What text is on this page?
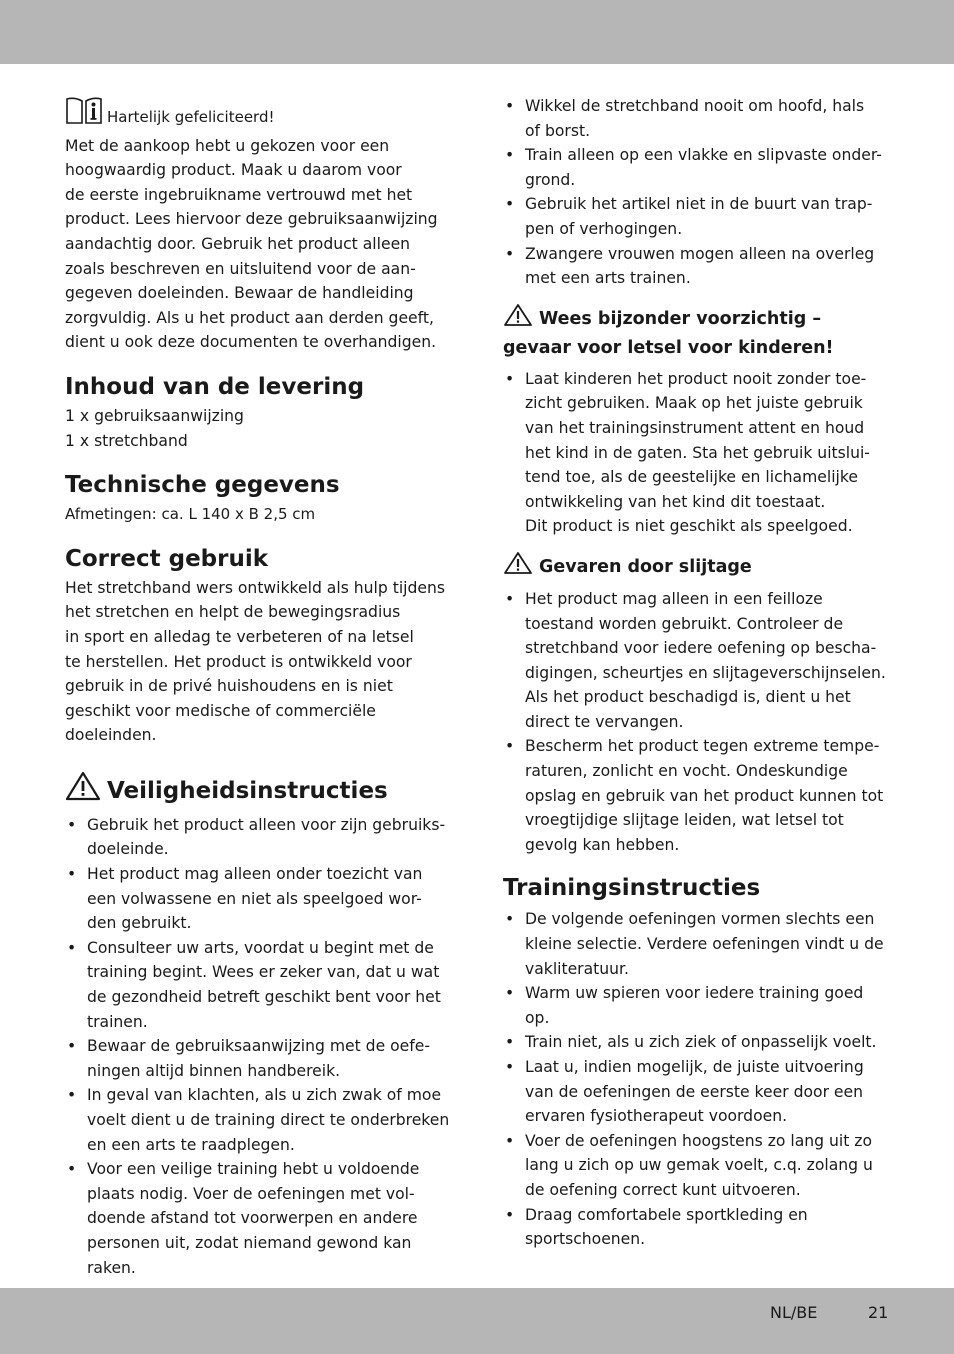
Hartelijk gefeliciteerd!

Met de aankoop hebt u gekozen voor een
hoogwaardig product. Maak u daarom voor
de eerste ingebruikname vertrouwd met het
product. Lees hiervoor deze gebruiksaanwijzing
aandachtig door. Gebruik het product alleen
zoals beschreven en uitsluitend voor de aan-
gegeven doeleinden. Bewaar de handleiding
zorgvuldig. Als u het product aan derden geeft,
dient u ook deze documenten te overhandigen.

Inhoud van de levering

1 x gebruiksaanwijzing
1 x stretchband

Technische gegevens

Afmetingen: ca. L 140 x B 2,5 cm

Correct gebruik

Het stretchband wers ontwikkeld als hulp tijdens
het stretchen en helpt de bewegingsradius
in sport en alledag te verbeteren of na letsel
te herstellen. Het product is ontwikkeld voor
gebruik in de privé huishoudens en is niet
geschikt voor medische of commerciële
doeleinden.

Veiligheidsinstructies
• Gebruik het product alleen voor zijn gebruiks-
doeleinde.
• Het product mag alleen onder toezicht van
een volwassene en niet als speelgoed wor-
den gebruikt.
• Consulteer uw arts, voordat u begint met de
training begint. Wees er zeker van, dat u wat
de gezondheid betreft geschikt bent voor het
trainen.
• Bewaar de gebruiksaanwijzing met de oefe-
ningen altijd binnen handbereik.
• In geval van klachten, als u zich zwak of moe
voelt dient u de training direct te onderbreken
en een arts te raadplegen.
• Voor een veilige training hebt u voldoende
plaats nodig. Voer de oefeningen met vol-
doende afstand tot voorwerpen en andere
personen uit, zodat niemand gewond kan
raken.
• Wikkel de stretchband nooit om hoofd, hals
of borst.
• Train alleen op een vlakke en slipvaste onder-
grond.
• Gebruik het artikel niet in de buurt van trap-
pen of verhogingen.
• Zwangere vrouwen mogen alleen na overleg
met een arts trainen.
Wees bijzonder voorzichtig –
gevaar voor letsel voor kinderen!
• Laat kinderen het product nooit zonder toe-
zicht gebruiken. Maak op het juiste gebruik
van het trainingsinstrument attent en houd
het kind in de gaten. Sta het gebruik uitslui-
tend toe, als de geestelijke en lichamelijke
ontwikkeling van het kind dit toestaat.
Dit product is niet geschikt als speelgoed.
Gevaren door slijtage
• Het product mag alleen in een feilloze
toestand worden gebruikt. Controleer de
stretchband voor iedere oefening op bescha-
digingen, scheurtjes en slijtageverschijnselen.
Als het product beschadigd is, dient u het
direct te vervangen.
• Bescherm het product tegen extreme tempe-
raturen, zonlicht en vocht. Ondeskundige
opslag en gebruik van het product kunnen tot
vroegtijdige slijtage leiden, wat letsel tot
gevolg kan hebben.
Trainingsinstructies
• De volgende oefeningen vormen slechts een
kleine selectie. Verdere oefeningen vindt u de
vakliteratuur.
• Warm uw spieren voor iedere training goed
op.
• Train niet, als u zich ziek of onpasselijk voelt.
• Laat u, indien mogelijk, de juiste uitvoering
van de oefeningen de eerste keer door een
ervaren fysiotherapeut voordoen.
• Voer de oefeningen hoogstens zo lang uit zo
lang u zich op uw gemak voelt, c.q. zolang u
de oefening correct kunt uitvoeren.
• Draag comfortabele sportkleding en
sportschoenen.
NL/BE	21
